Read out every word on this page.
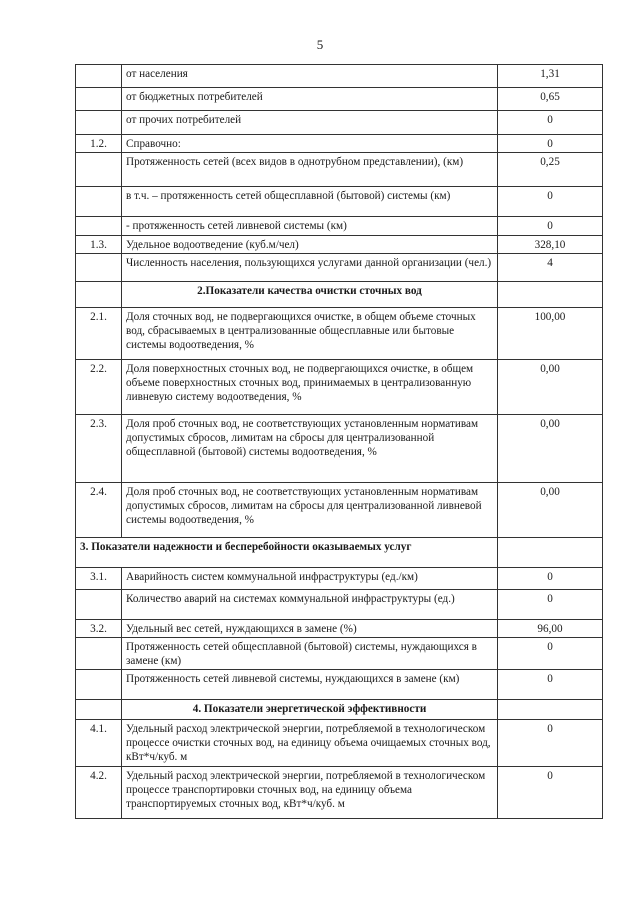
5
	от населения	1,31
	от бюджетных потребителей	0,65
	от прочих потребителей	0
1.2.	Справочно:	0
	Протяженность сетей (всех видов в однотрубном представлении), (км)	0,25
	в т.ч. – протяженность сетей общесплавной (бытовой) системы (км)	0
	- протяженность сетей ливневой системы (км)	0
1.3.	Удельное водоотведение (куб.м/чел)	328,10
	Численность населения, пользующихся услугами данной организации (чел.)	4
	2.Показатели качества очистки сточных вод	
2.1.	Доля сточных вод, не подвергающихся очистке, в общем объеме сточных вод, сбрасываемых в централизованные общесплавные или бытовые системы водоотведения, %	100,00
2.2.	Доля поверхностных сточных вод, не подвергающихся очистке, в общем объеме поверхностных сточных вод, принимаемых в централизованную ливневую систему водоотведения, %	0,00
2.3.	Доля проб сточных вод, не соответствующих установленным нормативам допустимых сбросов, лимитам на сбросы для централизованной общесплавной (бытовой) системы водоотведения, %	0,00
2.4.	Доля проб сточных вод, не соответствующих установленным нормативам допустимых сбросов, лимитам на сбросы для централизованной ливневой системы водоотведения, %	0,00
3. Показатели надежности и бесперебойности оказываемых услуг		
3.1.	Аварийность систем коммунальной инфраструктуры (ед./км)	0
	Количество аварий на системах коммунальной инфраструктуры (ед.)	0
3.2.	Удельный вес сетей, нуждающихся в замене (%)	96,00
	Протяженность сетей общесплавной (бытовой) системы, нуждающихся в замене (км)	0
	Протяженность сетей ливневой системы, нуждающихся в замене (км)	0
	4. Показатели энергетической эффективности	
4.1.	Удельный расход электрической энергии, потребляемой в технологическом процессе очистки сточных вод, на единицу объема очищаемых сточных вод, кВт*ч/куб. м	0
4.2.	Удельный расход электрической энергии, потребляемой в технологическом процессе транспортировки сточных вод, на единицу объема транспортируемых сточных вод, кВт*ч/куб. м	0
